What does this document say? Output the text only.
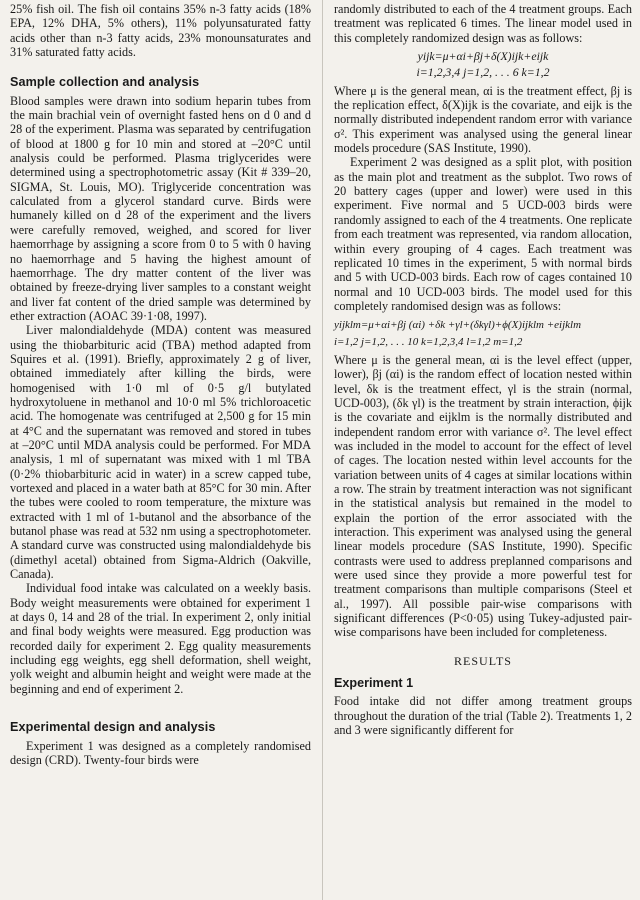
25% fish oil. The fish oil contains 35% n-3 fatty acids (18% EPA, 12% DHA, 5% others), 11% polyunsaturated fatty acids other than n-3 fatty acids, 23% monounsaturates and 31% saturated fatty acids.

Sample collection and analysis

Blood samples were drawn into sodium heparin tubes from the main brachial vein of overnight fasted hens on d 0 and d 28 of the experiment. Plasma was separated by centrifugation of blood at 1800 g for 10 min and stored at –20°C until analysis could be performed. Plasma triglycerides were determined using a spectrophotometric assay (Kit # 339–20, SIGMA, St. Louis, MO). Triglyceride concentration was calculated from a glycerol standard curve. Birds were humanely killed on d 28 of the experiment and the livers were carefully removed, weighed, and scored for liver haemorrhage by assigning a score from 0 to 5 with 0 having no haemorrhage and 5 having the highest amount of haemorrhage. The dry matter content of the liver was obtained by freeze-drying liver samples to a constant weight and liver fat content of the dried sample was determined by ether extraction (AOAC 39·1·08, 1997).

Liver malondialdehyde (MDA) content was measured using the thiobarbituric acid (TBA) method adapted from Squires et al. (1991). Briefly, approximately 2 g of liver, obtained immediately after killing the birds, were homogenised with 1·0 ml of 0·5 g/l butylated hydroxytoluene in methanol and 10·0 ml 5% trichloroacetic acid. The homogenate was centrifuged at 2,500 g for 15 min at 4°C and the supernatant was removed and stored in tubes at –20°C until MDA analysis could be performed. For MDA analysis, 1 ml of supernatant was mixed with 1 ml TBA (0·2% thiobarbituric acid in water) in a screw capped tube, vortexed and placed in a water bath at 85°C for 30 min. After the tubes were cooled to room temperature, the mixture was extracted with 1 ml of 1-butanol and the absorbance of the butanol phase was read at 532 nm using a spectrophotometer. A standard curve was constructed using malondialdehyde bis (dimethyl acetal) obtained from Sigma-Aldrich (Oakville, Canada).

Individual food intake was calculated on a weekly basis. Body weight measurements were obtained for experiment 1 at days 0, 14 and 28 of the trial. In experiment 2, only initial and final body weights were measured. Egg production was recorded daily for experiment 2. Egg quality measurements including egg weights, egg shell deformation, shell weight, yolk weight and albumin height and weight were made at the beginning and end of experiment 2.

Experimental design and analysis

Experiment 1 was designed as a completely randomised design (CRD). Twenty-four birds were

randomly distributed to each of the 4 treatment groups. Each treatment was replicated 6 times. The linear model used in this completely randomized design was as follows:

yijk=μ+αi+βj+δ(X)ijk+eijk
i=1,2,3,4 j=1,2, . . . 6 k=1,2

Where μ is the general mean, αi is the treatment effect, βj is the replication effect, δ(X)ijk is the covariate, and eijk is the normally distributed independent random error with variance σ². This experiment was analysed using the general linear models procedure (SAS Institute, 1990).

Experiment 2 was designed as a split plot, with position as the main plot and treatment as the subplot. Two rows of 20 battery cages (upper and lower) were used in this experiment. Five normal and 5 UCD-003 birds were randomly assigned to each of the 4 treatments. One replicate from each treatment was represented, via random allocation, within every grouping of 4 cages. Each treatment was replicated 10 times in the experiment, 5 with normal birds and 5 with UCD-003 birds. Each row of cages contained 10 normal and 10 UCD-003 birds. The model used for this completely randomised design was as follows:

yijklm=μ+αi+βj (αi) +δk +γl+(δkγl)+ϕ(X)ijklm +eijklm
i=1,2 j=1,2, . . . 10 k=1,2,3,4 l=1,2 m=1,2

Where μ is the general mean, αi is the level effect (upper, lower), βj (αi) is the random effect of location nested within level, δk is the treatment effect, γl is the strain (normal, UCD-003), (δk γl) is the treatment by strain interaction, ϕijk is the covariate and eijklm is the normally distributed and independent random error with variance σ². The level effect was included in the model to account for the effect of level of cages. The location nested within level accounts for the variation between units of 4 cages at similar locations within a row. The strain by treatment interaction was not significant in the statistical analysis but remained in the model to explain the portion of the error associated with the interaction. This experiment was analysed using the general linear models procedure (SAS Institute, 1990). Specific contrasts were used to address preplanned comparisons and were used since they provide a more powerful test for treatment comparisons than multiple comparisons (Steel et al., 1997). All possible pair-wise comparisons with significant differences (P<0·05) using Tukey-adjusted pair-wise comparisons have been included for completeness.

RESULTS
Experiment 1

Food intake did not differ among treatment groups throughout the duration of the trial (Table 2). Treatments 1, 2 and 3 were significantly different for
